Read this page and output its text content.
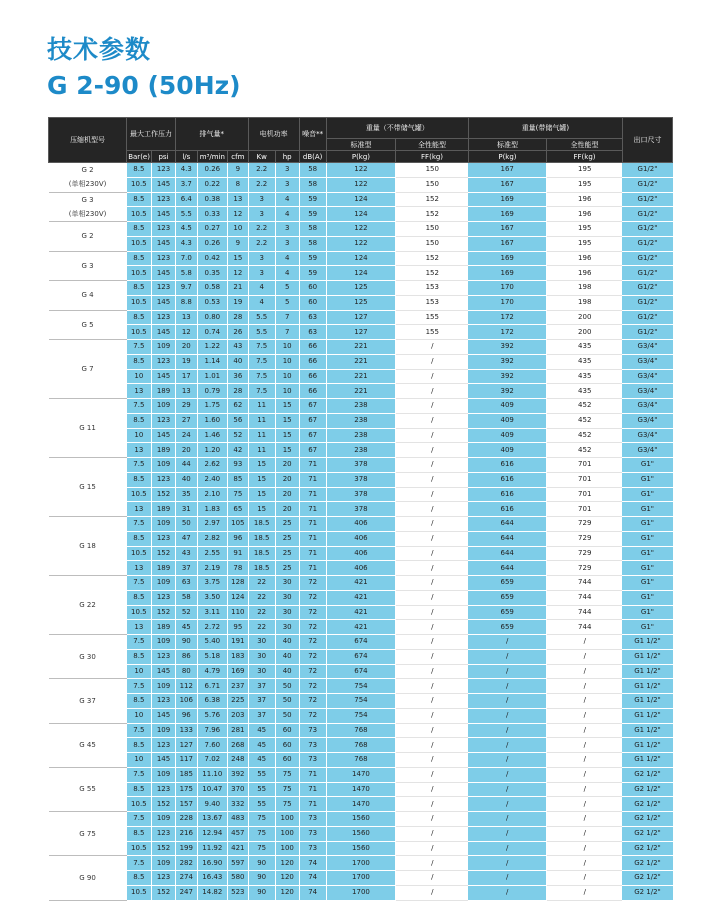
技术参数
G 2-90 (50Hz)
压缩机型号	最大工作压力		排气量*			电机功率		噪音**	重量（不带储气罐）		重量(带储气罐)		出口尺寸
									标准型	全性能型	标准型	全性能型	
	Bar(e)	psi	l/s	m³/min	cfm	Kw	hp	dB(A)	P(kg)	FF(kg)	P(kg)	FF(kg)	
G 2
(单相230V)	8.5	123	4.3	0.26	9	2.2	3	58	122	150	167	195	G1/2"
	10.5	145	3.7	0.22	8	2.2	3	58	122	150	167	195	G1/2"
G 3
(单相230V)	8.5	123	6.4	0.38	13	3	4	59	124	152	169	196	G1/2"
	10.5	145	5.5	0.33	12	3	4	59	124	152	169	196	G1/2"
G 2	8.5	123	4.5	0.27	10	2.2	3	58	122	150	167	195	G1/2"
	10.5	145	4.3	0.26	9	2.2	3	58	122	150	167	195	G1/2"
G 3	8.5	123	7.0	0.42	15	3	4	59	124	152	169	196	G1/2"
	10.5	145	5.8	0.35	12	3	4	59	124	152	169	196	G1/2"
G 4	8.5	123	9.7	0.58	21	4	5	60	125	153	170	198	G1/2"
	10.5	145	8.8	0.53	19	4	5	60	125	153	170	198	G1/2"
G 5	8.5	123	13	0.80	28	5.5	7	63	127	155	172	200	G1/2"
	10.5	145	12	0.74	26	5.5	7	63	127	155	172	200	G1/2"
G 7	7.5	109	20	1.22	43	7.5	10	66	221	/	392	435	G3/4"
	8.5	123	19	1.14	40	7.5	10	66	221	/	392	435	G3/4"
	10	145	17	1.01	36	7.5	10	66	221	/	392	435	G3/4"
	13	189	13	0.79	28	7.5	10	66	221	/	392	435	G3/4"
G 11	7.5	109	29	1.75	62	11	15	67	238	/	409	452	G3/4"
	8.5	123	27	1.60	56	11	15	67	238	/	409	452	G3/4"
	10	145	24	1.46	52	11	15	67	238	/	409	452	G3/4"
	13	189	20	1.20	42	11	15	67	238	/	409	452	G3/4"
G 15	7.5	109	44	2.62	93	15	20	71	378	/	616	701	G1"
	8.5	123	40	2.40	85	15	20	71	378	/	616	701	G1"
	10.5	152	35	2.10	75	15	20	71	378	/	616	701	G1"
	13	189	31	1.83	65	15	20	71	378	/	616	701	G1"
G 18	7.5	109	50	2.97	105	18.5	25	71	406	/	644	729	G1"
	8.5	123	47	2.82	96	18.5	25	71	406	/	644	729	G1"
	10.5	152	43	2.55	91	18.5	25	71	406	/	644	729	G1"
	13	189	37	2.19	78	18.5	25	71	406	/	644	729	G1"
G 22	7.5	109	63	3.75	128	22	30	72	421	/	659	744	G1"
	8.5	123	58	3.50	124	22	30	72	421	/	659	744	G1"
	10.5	152	52	3.11	110	22	30	72	421	/	659	744	G1"
	13	189	45	2.72	95	22	30	72	421	/	659	744	G1"
G 30	7.5	109	90	5.40	191	30	40	72	674	/	/	/	G1 1/2"
	8.5	123	86	5.18	183	30	40	72	674	/	/	/	G1 1/2"
	10	145	80	4.79	169	30	40	72	674	/	/	/	G1 1/2"
G 37	7.5	109	112	6.71	237	37	50	72	754	/	/	/	G1 1/2"
	8.5	123	106	6.38	225	37	50	72	754	/	/	/	G1 1/2"
	10	145	96	5.76	203	37	50	72	754	/	/	/	G1 1/2"
G 45	7.5	109	133	7.96	281	45	60	73	768	/	/	/	G1 1/2"
	8.5	123	127	7.60	268	45	60	73	768	/	/	/	G1 1/2"
	10	145	117	7.02	248	45	60	73	768	/	/	/	G1 1/2"
G 55	7.5	109	185	11.10	392	55	75	71	1470	/	/	/	G2 1/2"
	8.5	123	175	10.47	370	55	75	71	1470	/	/	/	G2 1/2"
	10.5	152	157	9.40	332	55	75	71	1470	/	/	/	G2 1/2"
G 75	7.5	109	228	13.67	483	75	100	73	1560	/	/	/	G2 1/2"
	8.5	123	216	12.94	457	75	100	73	1560	/	/	/	G2 1/2"
	10.5	152	199	11.92	421	75	100	73	1560	/	/	/	G2 1/2"
G 90	7.5	109	282	16.90	597	90	120	74	1700	/	/	/	G2 1/2"
	8.5	123	274	16.43	580	90	120	74	1700	/	/	/	G2 1/2"
	10.5	152	247	14.82	523	90	120	74	1700	/	/	/	G2 1/2"
